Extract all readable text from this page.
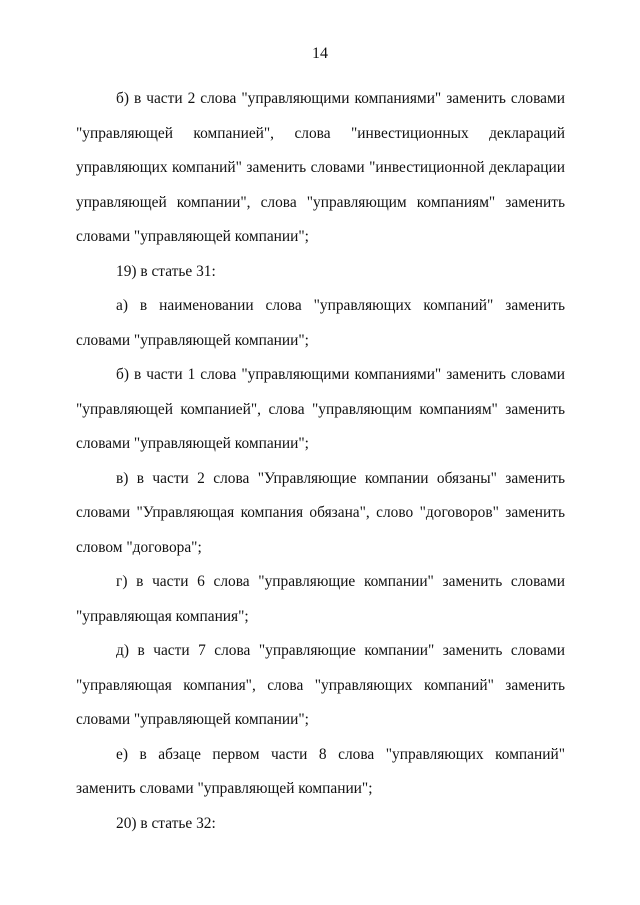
14

б) в части 2 слова "управляющими компаниями" заменить словами "управляющей компанией", слова "инвестиционных деклараций управляющих компаний" заменить словами "инвестиционной декларации управляющей компании", слова "управляющим компаниям" заменить словами "управляющей компании";

19) в статье 31:

а) в наименовании слова "управляющих компаний" заменить словами "управляющей компании";

б) в части 1 слова "управляющими компаниями" заменить словами "управляющей компанией", слова "управляющим компаниям" заменить словами "управляющей компании";

в) в части 2 слова "Управляющие компании обязаны" заменить словами "Управляющая компания обязана", слово "договоров" заменить словом "договора";

г) в части 6 слова "управляющие компании" заменить словами "управляющая компания";

д) в части 7 слова "управляющие компании" заменить словами "управляющая компания", слова "управляющих компаний" заменить словами "управляющей компании";

е) в абзаце первом части 8 слова "управляющих компаний" заменить словами "управляющей компании";

20) в статье 32:
